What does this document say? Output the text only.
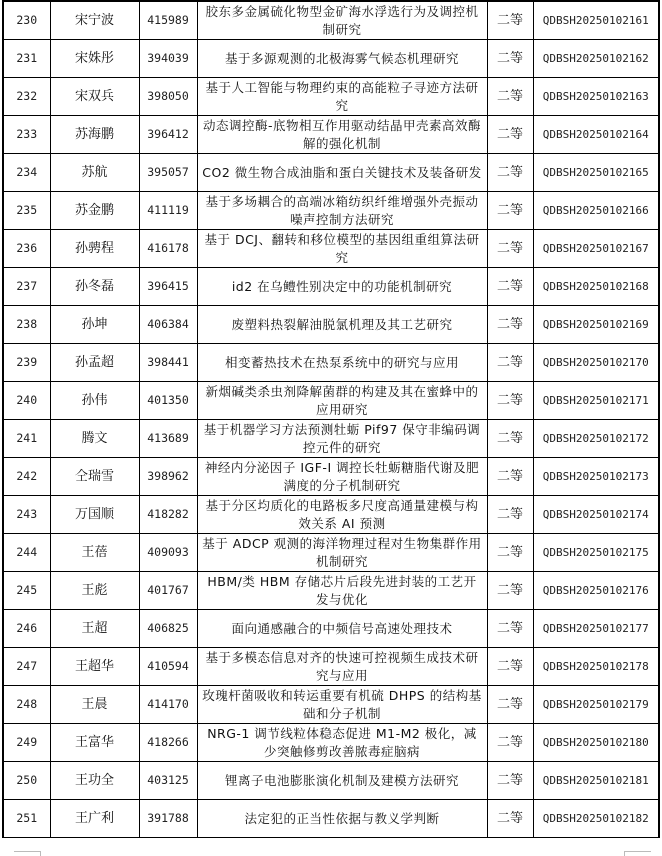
230	宋宁波	415989	胶东多金属硫化物型金矿海水浮选行为及调控机制研究	二等	QDBSH20250102161
231	宋姝彤	394039	基于多源观测的北极海雾气候态机理研究	二等	QDBSH20250102162
232	宋双兵	398050	基于人工智能与物理约束的高能粒子寻迹方法研究	二等	QDBSH20250102163
233	苏海鹏	396412	动态调控酶-底物相互作用驱动结晶甲壳素高效酶解的强化机制	二等	QDBSH20250102164
234	苏航	395057	CO2 微生物合成油脂和蛋白关键技术及装备研发	二等	QDBSH20250102165
235	苏金鹏	411119	基于多场耦合的高端冰箱纺织纤维增强外壳振动噪声控制方法研究	二等	QDBSH20250102166
236	孙骋程	416178	基于 DCJ、翻转和移位模型的基因组重组算法研究	二等	QDBSH20250102167
237	孙冬磊	396415	id2 在乌鳢性别决定中的功能机制研究	二等	QDBSH20250102168
238	孙坤	406384	废塑料热裂解油脱氯机理及其工艺研究	二等	QDBSH20250102169
239	孙孟超	398441	相变蓄热技术在热泵系统中的研究与应用	二等	QDBSH20250102170
240	孙伟	401350	新烟碱类杀虫剂降解菌群的构建及其在蜜蜂中的应用研究	二等	QDBSH20250102171
241	腾文	413689	基于机器学习方法预测牡蛎 Pif97 保守非编码调控元件的研究	二等	QDBSH20250102172
242	仝瑞雪	398962	神经内分泌因子 IGF-I 调控长牡蛎糖脂代谢及肥满度的分子机制研究	二等	QDBSH20250102173
243	万国顺	418282	基于分区均质化的电路板多尺度高通量建模与构效关系 AI 预测	二等	QDBSH20250102174
244	王蓓	409093	基于 ADCP 观测的海洋物理过程对生物集群作用机制研究	二等	QDBSH20250102175
245	王彪	401767	HBM/类 HBM 存储芯片后段先进封装的工艺开发与优化	二等	QDBSH20250102176
246	王超	406825	面向通感融合的中频信号高速处理技术	二等	QDBSH20250102177
247	王超华	410594	基于多模态信息对齐的快速可控视频生成技术研究与应用	二等	QDBSH20250102178
248	王晨	414170	玫瑰杆菌吸收和转运重要有机硫 DHPS 的结构基础和分子机制	二等	QDBSH20250102179
249	王富华	418266	NRG-1 调节线粒体稳态促进 M1-M2 极化，减少突触修剪改善脓毒症脑病	二等	QDBSH20250102180
250	王功全	403125	锂离子电池膨胀演化机制及建模方法研究	二等	QDBSH20250102181
251	王广利	391788	法定犯的正当性依据与教义学判断	二等	QDBSH20250102182
